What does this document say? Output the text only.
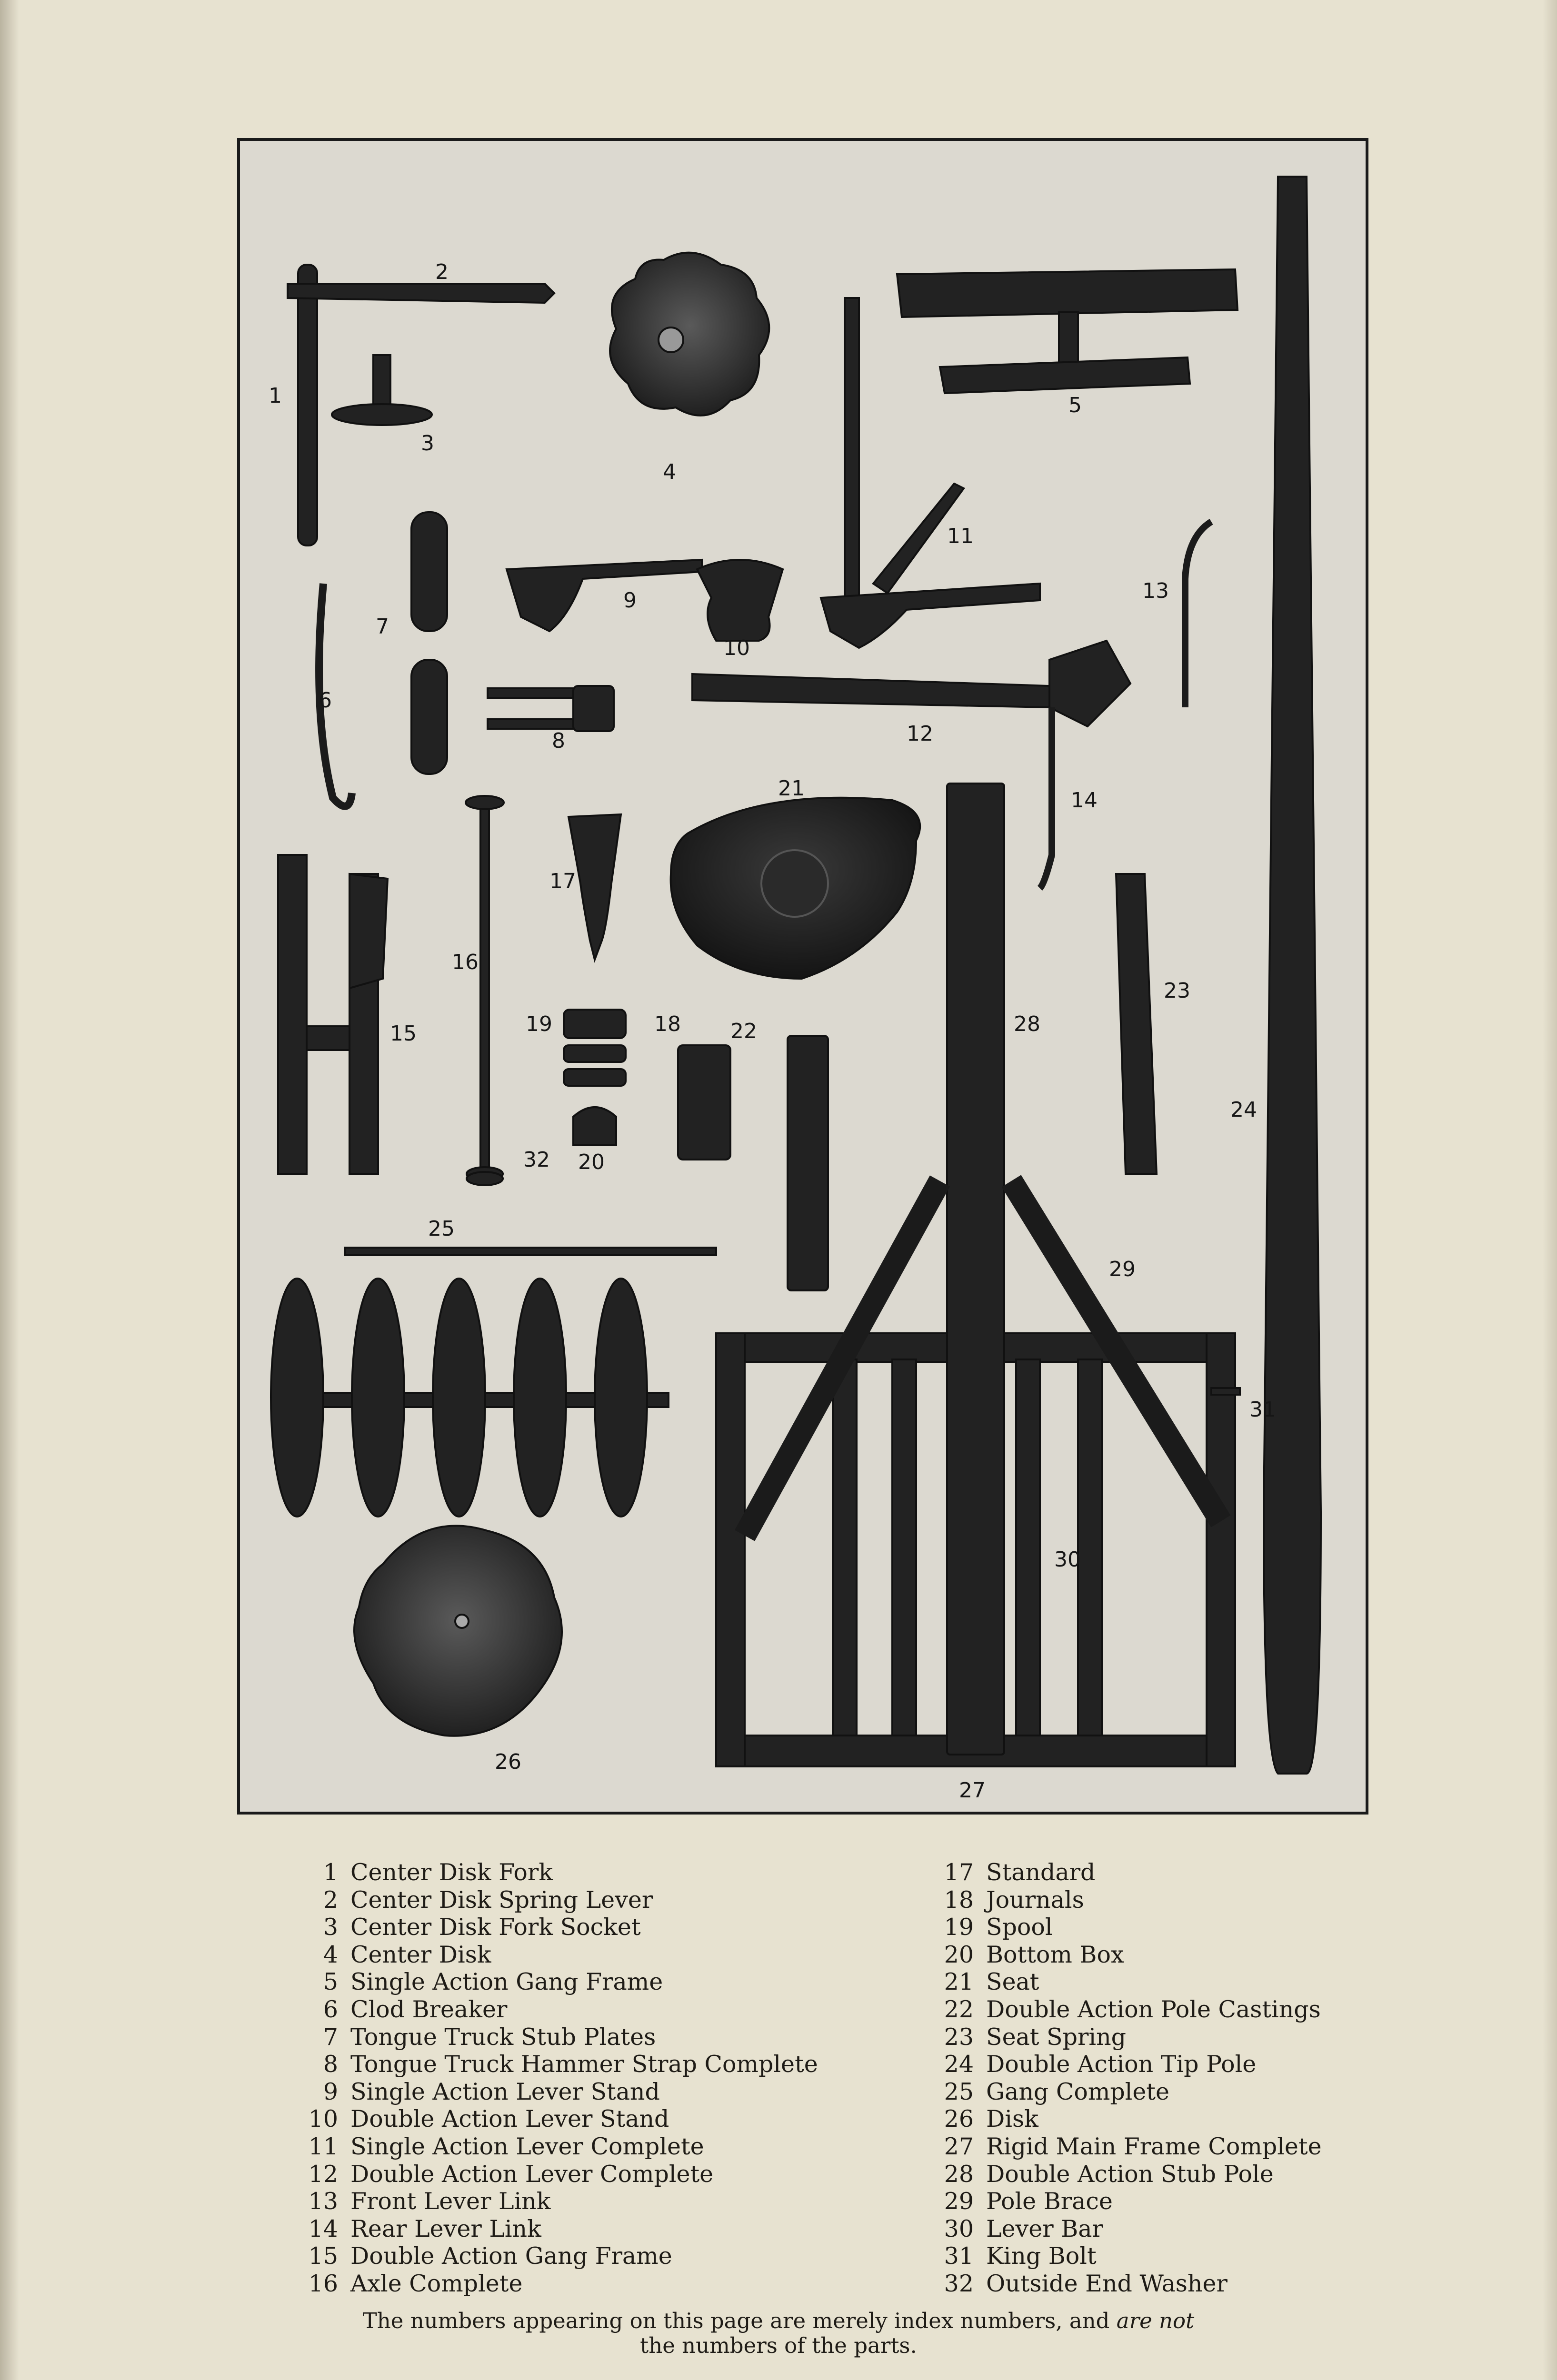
1
2
3
4
5
6
7
8
9
10
11
12
13
14
15
16
17
18
19
20
21
22
23
24
25
26
27
28
29
30
31
32
1 Center Disk Fork
2 Center Disk Spring Lever
3 Center Disk Fork Socket
4 Center Disk
5 Single Action Gang Frame
6 Clod Breaker
7 Tongue Truck Stub Plates
8 Tongue Truck Hammer Strap Complete
9 Single Action Lever Stand
10 Double Action Lever Stand
11 Single Action Lever Complete
12 Double Action Lever Complete
13 Front Lever Link
14 Rear Lever Link
15 Double Action Gang Frame
16 Axle Complete
17 Standard
18 Journals
19 Spool
20 Bottom Box
21 Seat
22 Double Action Pole Castings
23 Seat Spring
24 Double Action Tip Pole
25 Gang Complete
26 Disk
27 Rigid Main Frame Complete
28 Double Action Stub Pole
29 Pole Brace
30 Lever Bar
31 King Bolt
32 Outside End Washer
The numbers appearing on this page are merely index numbers, and are not
the numbers of the parts.
